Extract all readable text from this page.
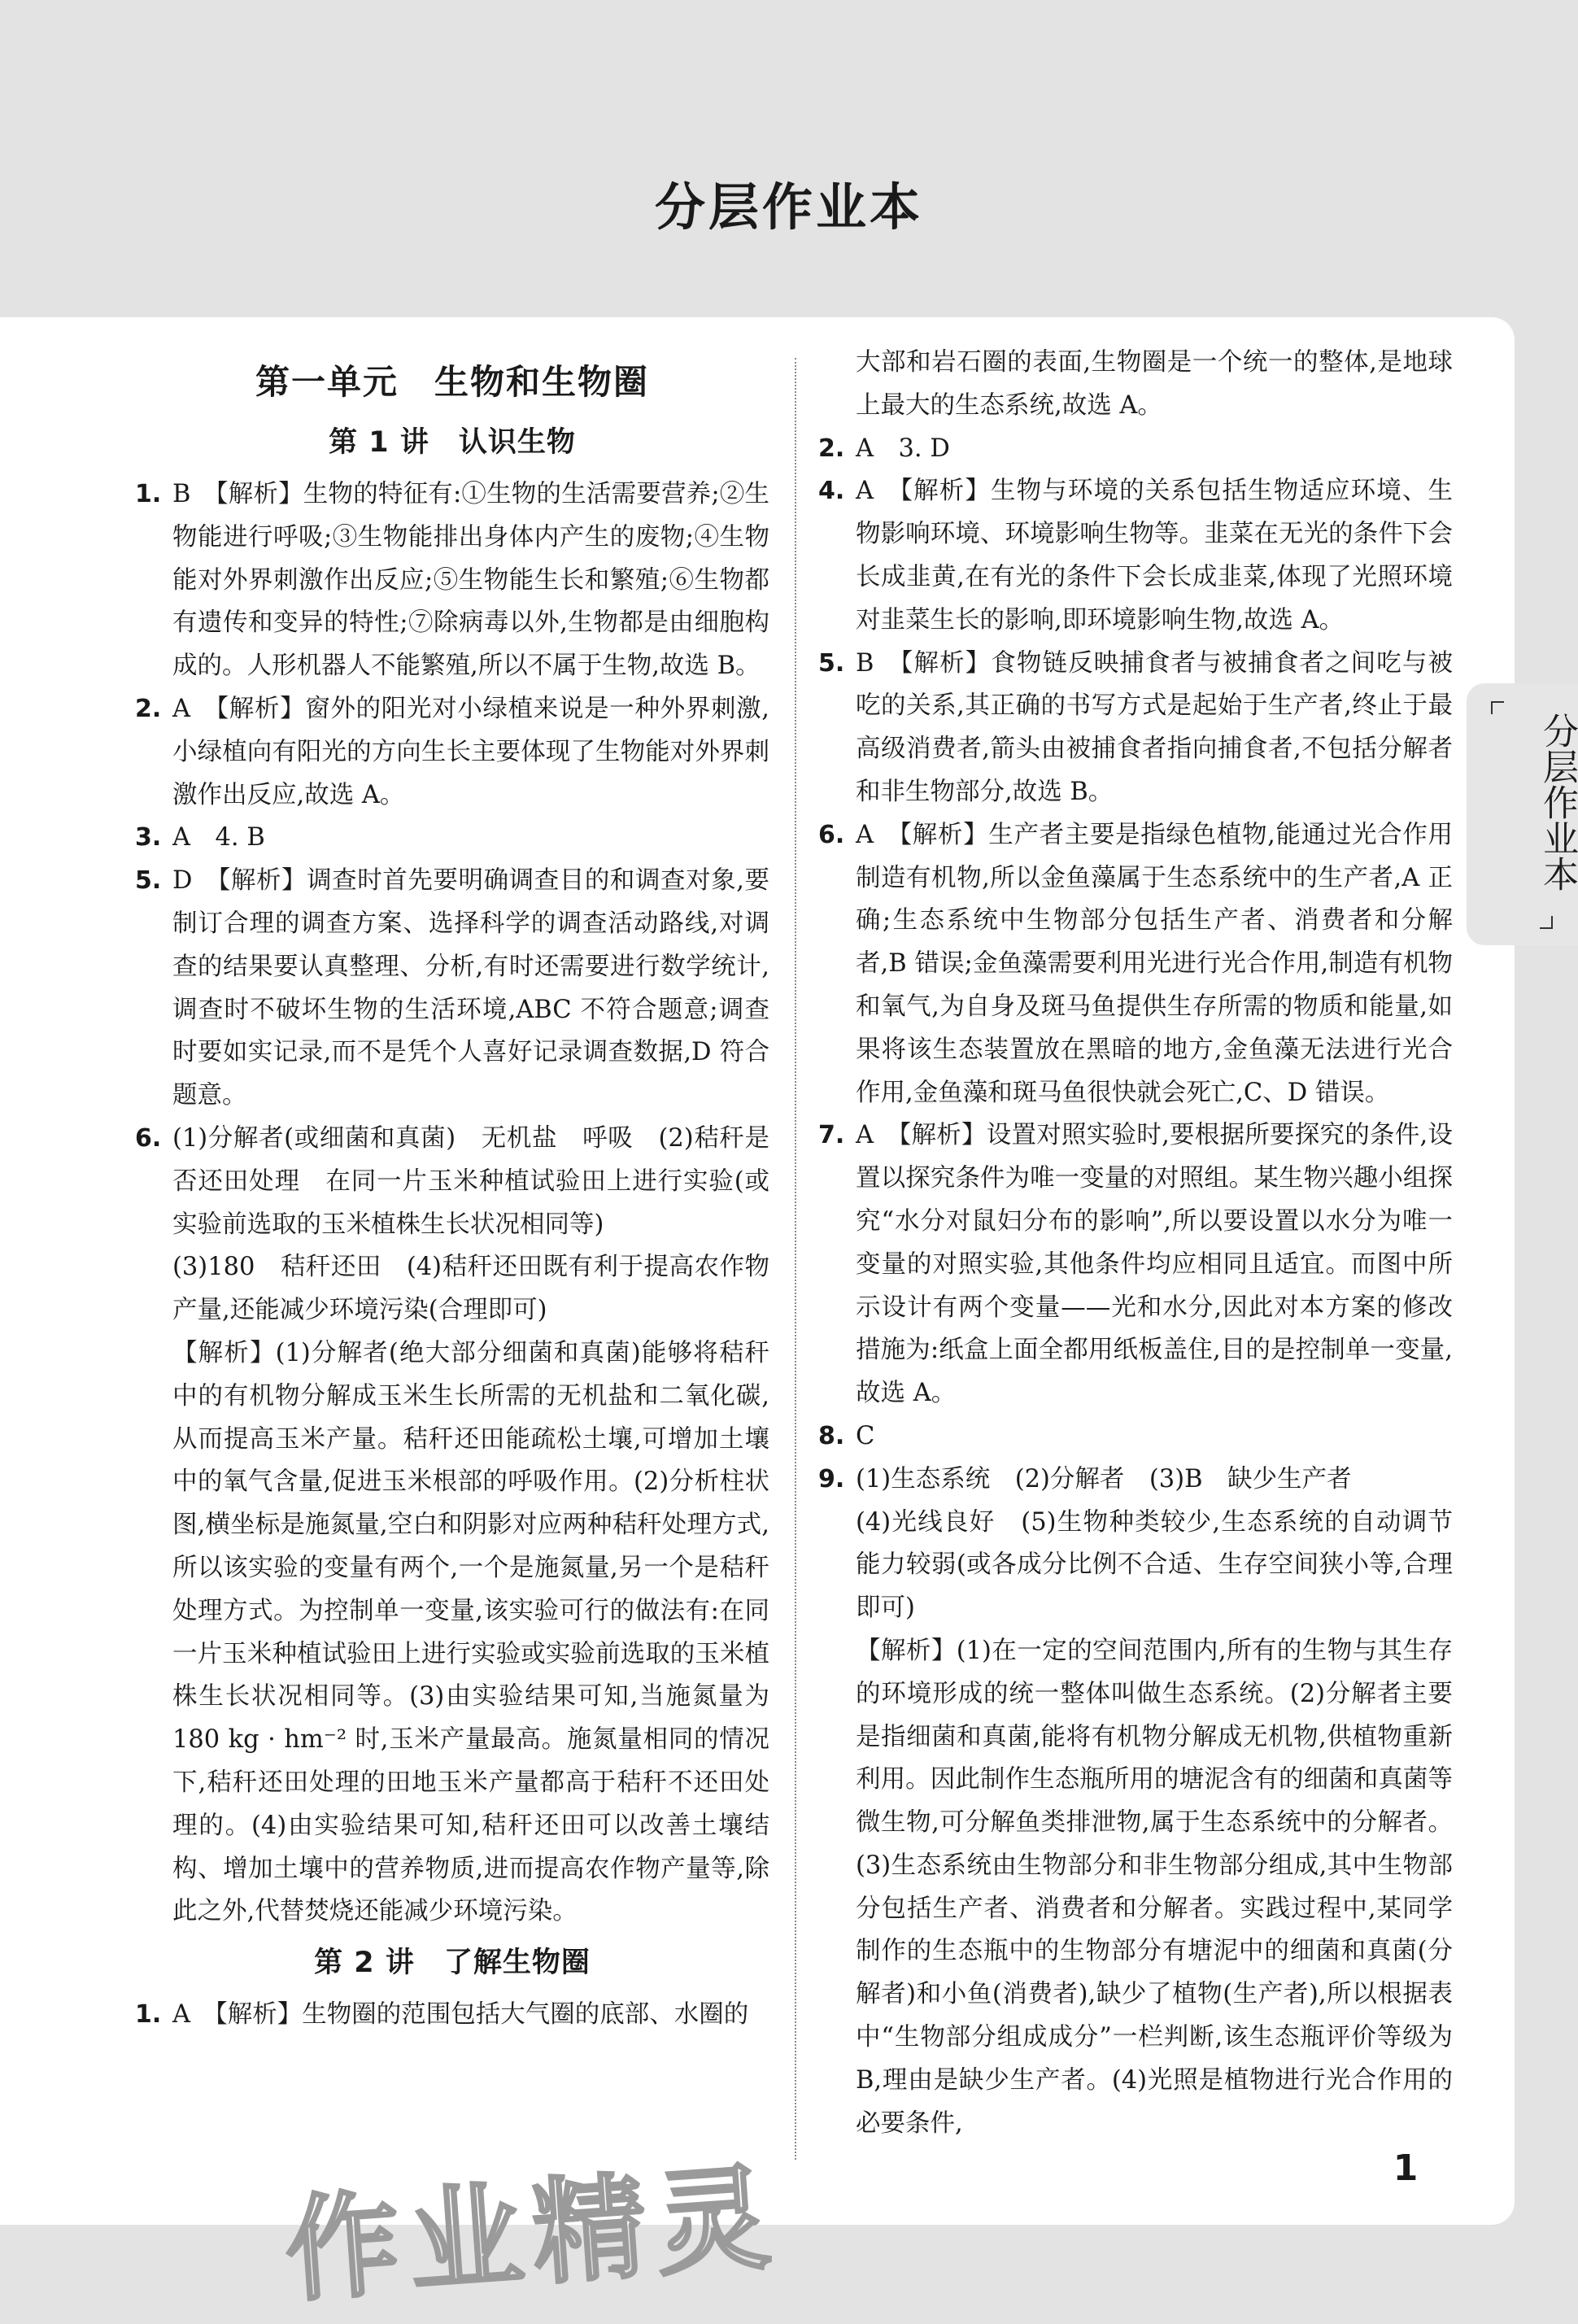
分层作业本
第一单元　生物和生物圈
第 1 讲　认识生物
1. B　【解析】生物的特征有:①生物的生活需要营养;②生物能进行呼吸;③生物能排出身体内产生的废物;④生物能对外界刺激作出反应;⑤生物能生长和繁殖;⑥生物都有遗传和变异的特性;⑦除病毒以外,生物都是由细胞构成的。人形机器人不能繁殖,所以不属于生物,故选 B。
2. A　【解析】窗外的阳光对小绿植来说是一种外界刺激,小绿植向有阳光的方向生长主要体现了生物能对外界刺激作出反应,故选 A。
3. A　4. B
5. D　【解析】调查时首先要明确调查目的和调查对象,要制订合理的调查方案、选择科学的调查活动路线,对调查的结果要认真整理、分析,有时还需要进行数学统计,调查时不破坏生物的生活环境,ABC 不符合题意;调查时要如实记录,而不是凭个人喜好记录调查数据,D 符合题意。
6. (1)分解者(或细菌和真菌)　无机盐　呼吸　(2)秸秆是否还田处理　在同一片玉米种植试验田上进行实验(或实验前选取的玉米植株生长状况相同等)
(3)180　秸秆还田　(4)秸秆还田既有利于提高农作物产量,还能减少环境污染(合理即可)
【解析】(1)分解者(绝大部分细菌和真菌)能够将秸秆中的有机物分解成玉米生长所需的无机盐和二氧化碳,从而提高玉米产量。秸秆还田能疏松土壤,可增加土壤中的氧气含量,促进玉米根部的呼吸作用。(2)分析柱状图,横坐标是施氮量,空白和阴影对应两种秸秆处理方式,所以该实验的变量有两个,一个是施氮量,另一个是秸秆处理方式。为控制单一变量,该实验可行的做法有:在同一片玉米种植试验田上进行实验或实验前选取的玉米植株生长状况相同等。(3)由实验结果可知,当施氮量为 180 kg · hm⁻² 时,玉米产量最高。施氮量相同的情况下,秸秆还田处理的田地玉米产量都高于秸秆不还田处理的。(4)由实验结果可知,秸秆还田可以改善土壤结构、增加土壤中的营养物质,进而提高农作物产量等,除此之外,代替焚烧还能减少环境污染。
第 2 讲　了解生物圈
1. A　【解析】生物圈的范围包括大气圈的底部、水圈的
大部和岩石圈的表面,生物圈是一个统一的整体,是地球上最大的生态系统,故选 A。
2. A　3. D
4. A　【解析】生物与环境的关系包括生物适应环境、生物影响环境、环境影响生物等。韭菜在无光的条件下会长成韭黄,在有光的条件下会长成韭菜,体现了光照环境对韭菜生长的影响,即环境影响生物,故选 A。
5. B　【解析】食物链反映捕食者与被捕食者之间吃与被吃的关系,其正确的书写方式是起始于生产者,终止于最高级消费者,箭头由被捕食者指向捕食者,不包括分解者和非生物部分,故选 B。
6. A　【解析】生产者主要是指绿色植物,能通过光合作用制造有机物,所以金鱼藻属于生态系统中的生产者,A 正确;生态系统中生物部分包括生产者、消费者和分解者,B 错误;金鱼藻需要利用光进行光合作用,制造有机物和氧气,为自身及斑马鱼提供生存所需的物质和能量,如果将该生态装置放在黑暗的地方,金鱼藻无法进行光合作用,金鱼藻和斑马鱼很快就会死亡,C、D 错误。
7. A　【解析】设置对照实验时,要根据所要探究的条件,设置以探究条件为唯一变量的对照组。某生物兴趣小组探究“水分对鼠妇分布的影响”,所以要设置以水分为唯一变量的对照实验,其他条件均应相同且适宜。而图中所示设计有两个变量——光和水分,因此对本方案的修改措施为:纸盒上面全都用纸板盖住,目的是控制单一变量,故选 A。
8. C
9. (1)生态系统　(2)分解者　(3)B　缺少生产者
(4)光线良好　(5)生物种类较少,生态系统的自动调节能力较弱(或各成分比例不合适、生存空间狭小等,合理即可)
【解析】(1)在一定的空间范围内,所有的生物与其生存的环境形成的统一整体叫做生态系统。(2)分解者主要是指细菌和真菌,能将有机物分解成无机物,供植物重新利用。因此制作生态瓶所用的塘泥含有的细菌和真菌等微生物,可分解鱼类排泄物,属于生态系统中的分解者。(3)生态系统由生物部分和非生物部分组成,其中生物部分包括生产者、消费者和分解者。实践过程中,某同学制作的生态瓶中的生物部分有塘泥中的细菌和真菌(分解者)和小鱼(消费者),缺少了植物(生产者),所以根据表中“生物部分组成成分”一栏判断,该生态瓶评价等级为 B,理由是缺少生产者。(4)光照是植物进行光合作用的必要条件,
分层作业本
1
作业精灵
